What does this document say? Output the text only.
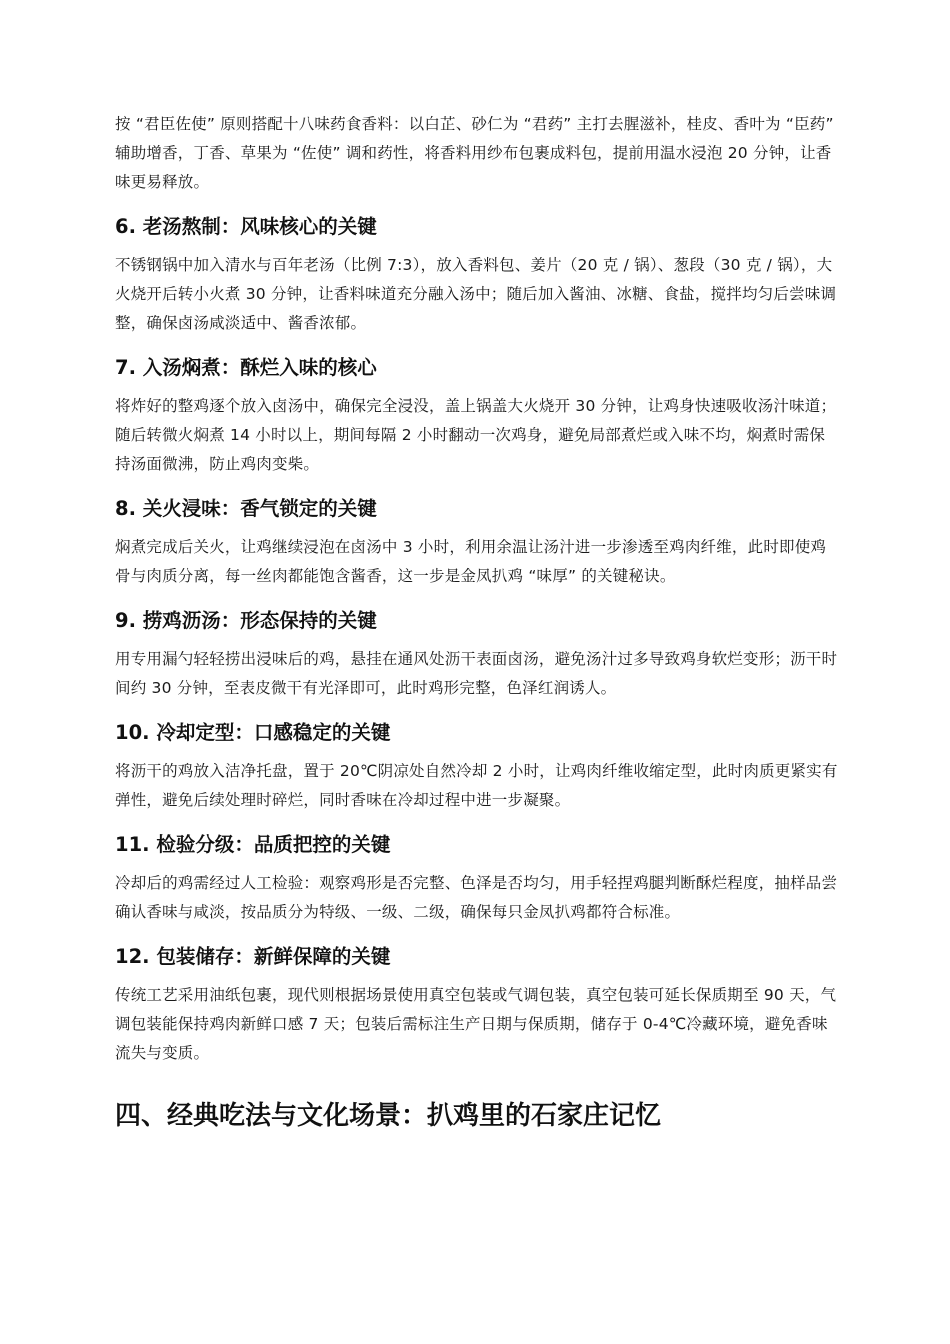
按 “君臣佐使” 原则搭配十八味药食香料：以白芷、砂仁为 “君药” 主打去腥滋补，桂皮、香叶为 “臣药” 辅助增香，丁香、草果为 “佐使” 调和药性，将香料用纱布包裹成料包，提前用温水浸泡 20 分钟，让香味更易释放。

6. 老汤熬制：风味核心的关键

不锈钢锅中加入清水与百年老汤（比例 7:3），放入香料包、姜片（20 克 / 锅）、葱段（30 克 / 锅），大火烧开后转小火煮 30 分钟，让香料味道充分融入汤中；随后加入酱油、冰糖、食盐，搅拌均匀后尝味调整，确保卤汤咸淡适中、酱香浓郁。

7. 入汤焖煮：酥烂入味的核心

将炸好的整鸡逐个放入卤汤中，确保完全浸没，盖上锅盖大火烧开 30 分钟，让鸡身快速吸收汤汁味道；随后转微火焖煮 14 小时以上，期间每隔 2 小时翻动一次鸡身，避免局部煮烂或入味不均，焖煮时需保持汤面微沸，防止鸡肉变柴。

8. 关火浸味：香气锁定的关键

焖煮完成后关火，让鸡继续浸泡在卤汤中 3 小时，利用余温让汤汁进一步渗透至鸡肉纤维，此时即使鸡骨与肉质分离，每一丝肉都能饱含酱香，这一步是金凤扒鸡 “味厚” 的关键秘诀。

9. 捞鸡沥汤：形态保持的关键

用专用漏勺轻轻捞出浸味后的鸡，悬挂在通风处沥干表面卤汤，避免汤汁过多导致鸡身软烂变形；沥干时间约 30 分钟，至表皮微干有光泽即可，此时鸡形完整，色泽红润诱人。

10. 冷却定型：口感稳定的关键

将沥干的鸡放入洁净托盘，置于 20℃阴凉处自然冷却 2 小时，让鸡肉纤维收缩定型，此时肉质更紧实有弹性，避免后续处理时碎烂，同时香味在冷却过程中进一步凝聚。

11. 检验分级：品质把控的关键

冷却后的鸡需经过人工检验：观察鸡形是否完整、色泽是否均匀，用手轻捏鸡腿判断酥烂程度，抽样品尝确认香味与咸淡，按品质分为特级、一级、二级，确保每只金凤扒鸡都符合标准。

12. 包装储存：新鲜保障的关键

传统工艺采用油纸包裹，现代则根据场景使用真空包装或气调包装，真空包装可延长保质期至 90 天，气调包装能保持鸡肉新鲜口感 7 天；包装后需标注生产日期与保质期，储存于 0-4℃冷藏环境，避免香味流失与变质。

四、经典吃法与文化场景：扒鸡里的石家庄记忆
